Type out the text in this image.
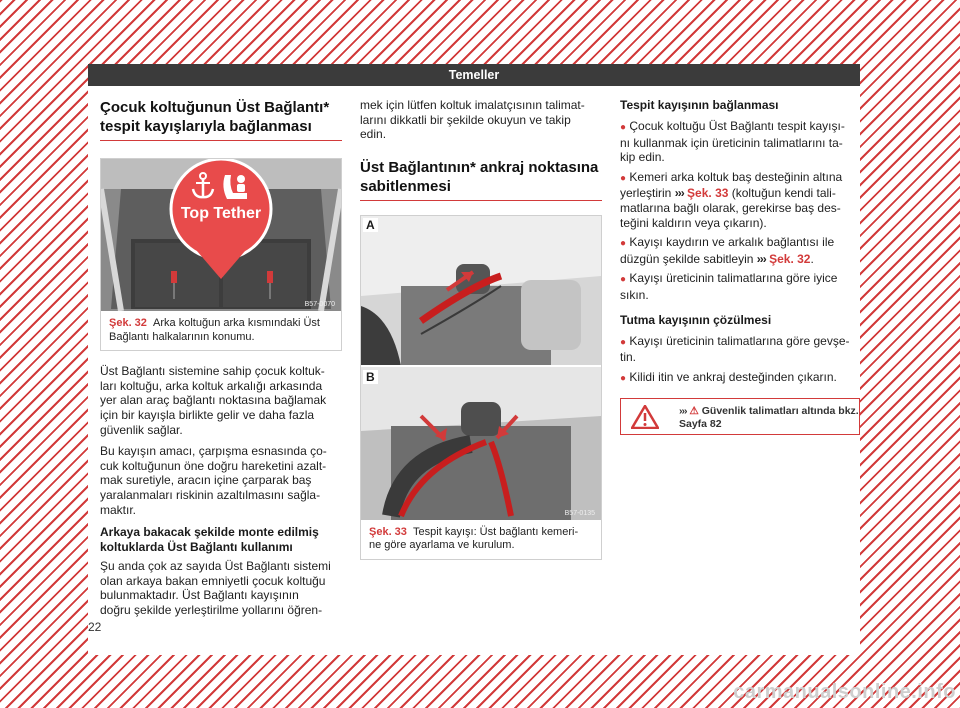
Temeller
Çocuk koltuğunun Üst Bağlantı*
tespit kayışlarıyla bağlanması
Top Tether
B57-0070
Şek. 32 Arka koltuğun arka kısmındaki Üst
Bağlantı halkalarının konumu.

Üst Bağlantı sistemine sahip çocuk koltuk-
ları koltuğu, arka koltuk arkalığı arkasında
yer alan araç bağlantı noktasına bağlamak
için bir kayışla birlikte gelir ve daha fazla
güvenlik sağlar.

Bu kayışın amacı, çarpışma esnasında ço-
cuk koltuğunun öne doğru hareketini azalt-
mak suretiyle, aracın içine çarparak baş
yaralanmaları riskinin azaltılmasını sağla-
maktır.

Arkaya bakacak şekilde monte edilmiş
koltuklarda Üst Bağlantı kullanımı

Şu anda çok az sayıda Üst Bağlantı sistemi
olan arkaya bakan emniyetli çocuk koltuğu
bulunmaktadır. Üst Bağlantı kayışının
doğru şekilde yerleştirilme yollarını öğren-

mek için lütfen koltuk imalatçısının talimat-
larını dikkatli bir şekilde okuyun ve takip
edin.

Üst Bağlantının* ankraj noktasına
sabitlenmesi
A
B
B57-0135
Şek. 33 Tespit kayışı: Üst bağlantı kemeri-
ne göre ayarlama ve kurulum.
Tespit kayışının bağlanması

● Çocuk koltuğu Üst Bağlantı tespit kayışı-
nı kullanmak için üreticinin talimatlarını ta-
kip edin.

● Kemeri arka koltuk baş desteğinin altına
yerleştirin ››› Şek. 33 (koltuğun kendi tali-
matlarına bağlı olarak, gerekirse baş des-
teğini kaldırın veya çıkarın).

● Kayışı kaydırın ve arkalık bağlantısı ile
düzgün şekilde sabitleyin ››› Şek. 32.

● Kayışı üreticinin talimatlarına göre iyice
sıkın.

Tutma kayışının çözülmesi

● Kayışı üreticinin talimatlarına göre gevşe-
tin.

● Kilidi itin ve ankraj desteğinden çıkarın.

››› ⚠ Güvenlik talimatları altında bkz.
Sayfa 82
22
carmanualsonline.info
